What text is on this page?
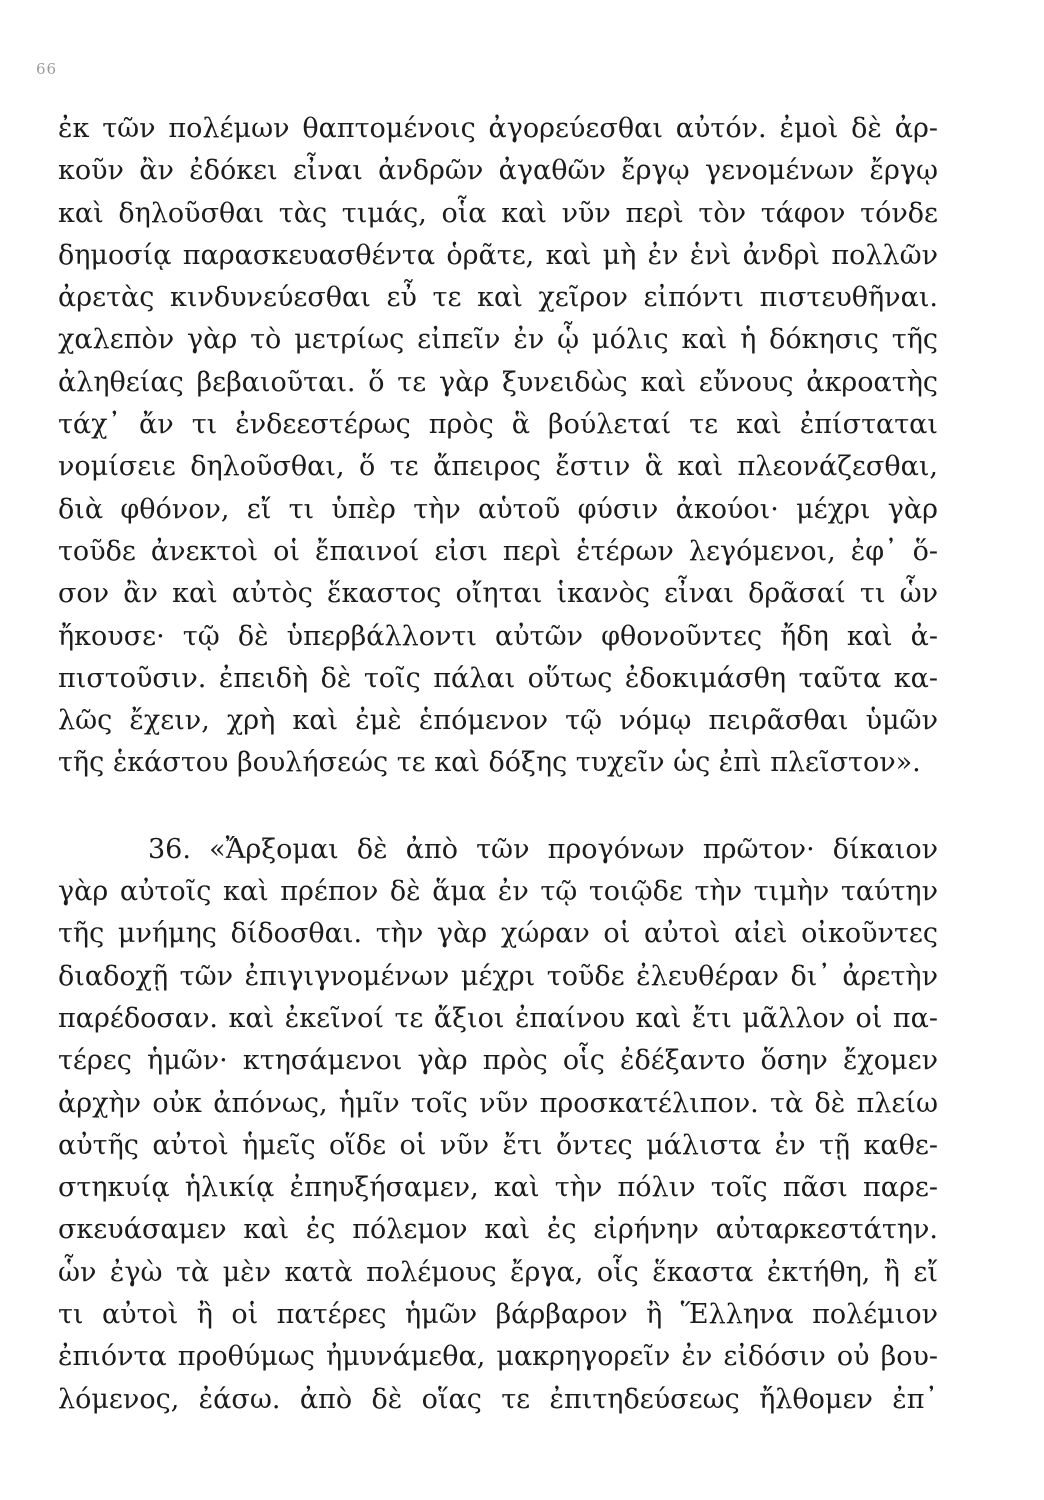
66
ἐκ τῶν πολέμων θαπτομένοις ἀγορεύεσθαι αὐτόν. ἐμοὶ δὲ ἀρ-
κοῦν ἂν ἐδόκει εἶναι ἀνδρῶν ἀγαθῶν ἔργῳ γενομένων ἔργῳ
καὶ δηλοῦσθαι τὰς τιμάς, οἷα καὶ νῦν περὶ τὸν τάφον τόνδε
δημοσίᾳ παρασκευασθέντα ὁρᾶτε, καὶ μὴ ἐν ἑνὶ ἀνδρὶ πολλῶν
ἀρετὰς κινδυνεύεσθαι εὖ τε καὶ χεῖρον εἰπόντι πιστευθῆναι.
χαλεπὸν γὰρ τὸ μετρίως εἰπεῖν ἐν ᾧ μόλις καὶ ἡ δόκησις τῆς
ἀληθείας βεβαιοῦται. ὅ τε γὰρ ξυνειδὼς καὶ εὔνους ἀκροατὴς
τάχ᾽ ἄν τι ἐνδεεστέρως πρὸς ἃ βούλεταί τε καὶ ἐπίσταται
νομίσειε δηλοῦσθαι, ὅ τε ἄπειρος ἔστιν ἃ καὶ πλεονάζεσθαι,
διὰ φθόνον, εἴ τι ὑπὲρ τὴν αὑτοῦ φύσιν ἀκούοι· μέχρι γὰρ
τοῦδε ἀνεκτοὶ οἱ ἔπαινοί εἰσι περὶ ἑτέρων λεγόμενοι, ἐφ᾽ ὅ-
σον ἂν καὶ αὐτὸς ἕκαστος οἴηται ἱκανὸς εἶναι δρᾶσαί τι ὧν
ἤκουσε· τῷ δὲ ὑπερβάλλοντι αὐτῶν φθονοῦντες ἤδη καὶ ἀ-
πιστοῦσιν. ἐπειδὴ δὲ τοῖς πάλαι οὕτως ἐδοκιμάσθη ταῦτα κα-
λῶς ἔχειν, χρὴ καὶ ἐμὲ ἑπόμενον τῷ νόμῳ πειρᾶσθαι ὑμῶν
τῆς ἑκάστου βουλήσεώς τε καὶ δόξης τυχεῖν ὡς ἐπὶ πλεῖστον».
36. «Ἄρξομαι δὲ ἀπὸ τῶν προγόνων πρῶτον· δίκαιον
γὰρ αὐτοῖς καὶ πρέπον δὲ ἅμα ἐν τῷ τοιῷδε τὴν τιμὴν ταύτην
τῆς μνήμης δίδοσθαι. τὴν γὰρ χώραν οἱ αὐτοὶ αἰεὶ οἰκοῦντες
διαδοχῇ τῶν ἐπιγιγνομένων μέχρι τοῦδε ἐλευθέραν δι᾽ ἀρετὴν
παρέδοσαν. καὶ ἐκεῖνοί τε ἄξιοι ἐπαίνου καὶ ἔτι μᾶλλον οἱ πα-
τέρες ἡμῶν· κτησάμενοι γὰρ πρὸς οἷς ἐδέξαντο ὅσην ἔχομεν
ἀρχὴν οὐκ ἀπόνως, ἡμῖν τοῖς νῦν προσκατέλιπον. τὰ δὲ πλείω
αὐτῆς αὐτοὶ ἡμεῖς οἵδε οἱ νῦν ἔτι ὄντες μάλιστα ἐν τῇ καθε-
στηκυίᾳ ἡλικίᾳ ἐπηυξήσαμεν, καὶ τὴν πόλιν τοῖς πᾶσι παρε-
σκευάσαμεν καὶ ἐς πόλεμον καὶ ἐς εἰρήνην αὐταρκεστάτην.
ὧν ἐγὼ τὰ μὲν κατὰ πολέμους ἔργα, οἷς ἕκαστα ἐκτήθη, ἢ εἴ
τι αὐτοὶ ἢ οἱ πατέρες ἡμῶν βάρβαρον ἢ Ἕλληνα πολέμιον
ἐπιόντα προθύμως ἠμυνάμεθα, μακρηγορεῖν ἐν εἰδόσιν οὐ βου-
λόμενος, ἐάσω. ἀπὸ δὲ οἵας τε ἐπιτηδεύσεως ἤλθομεν ἐπ᾽
